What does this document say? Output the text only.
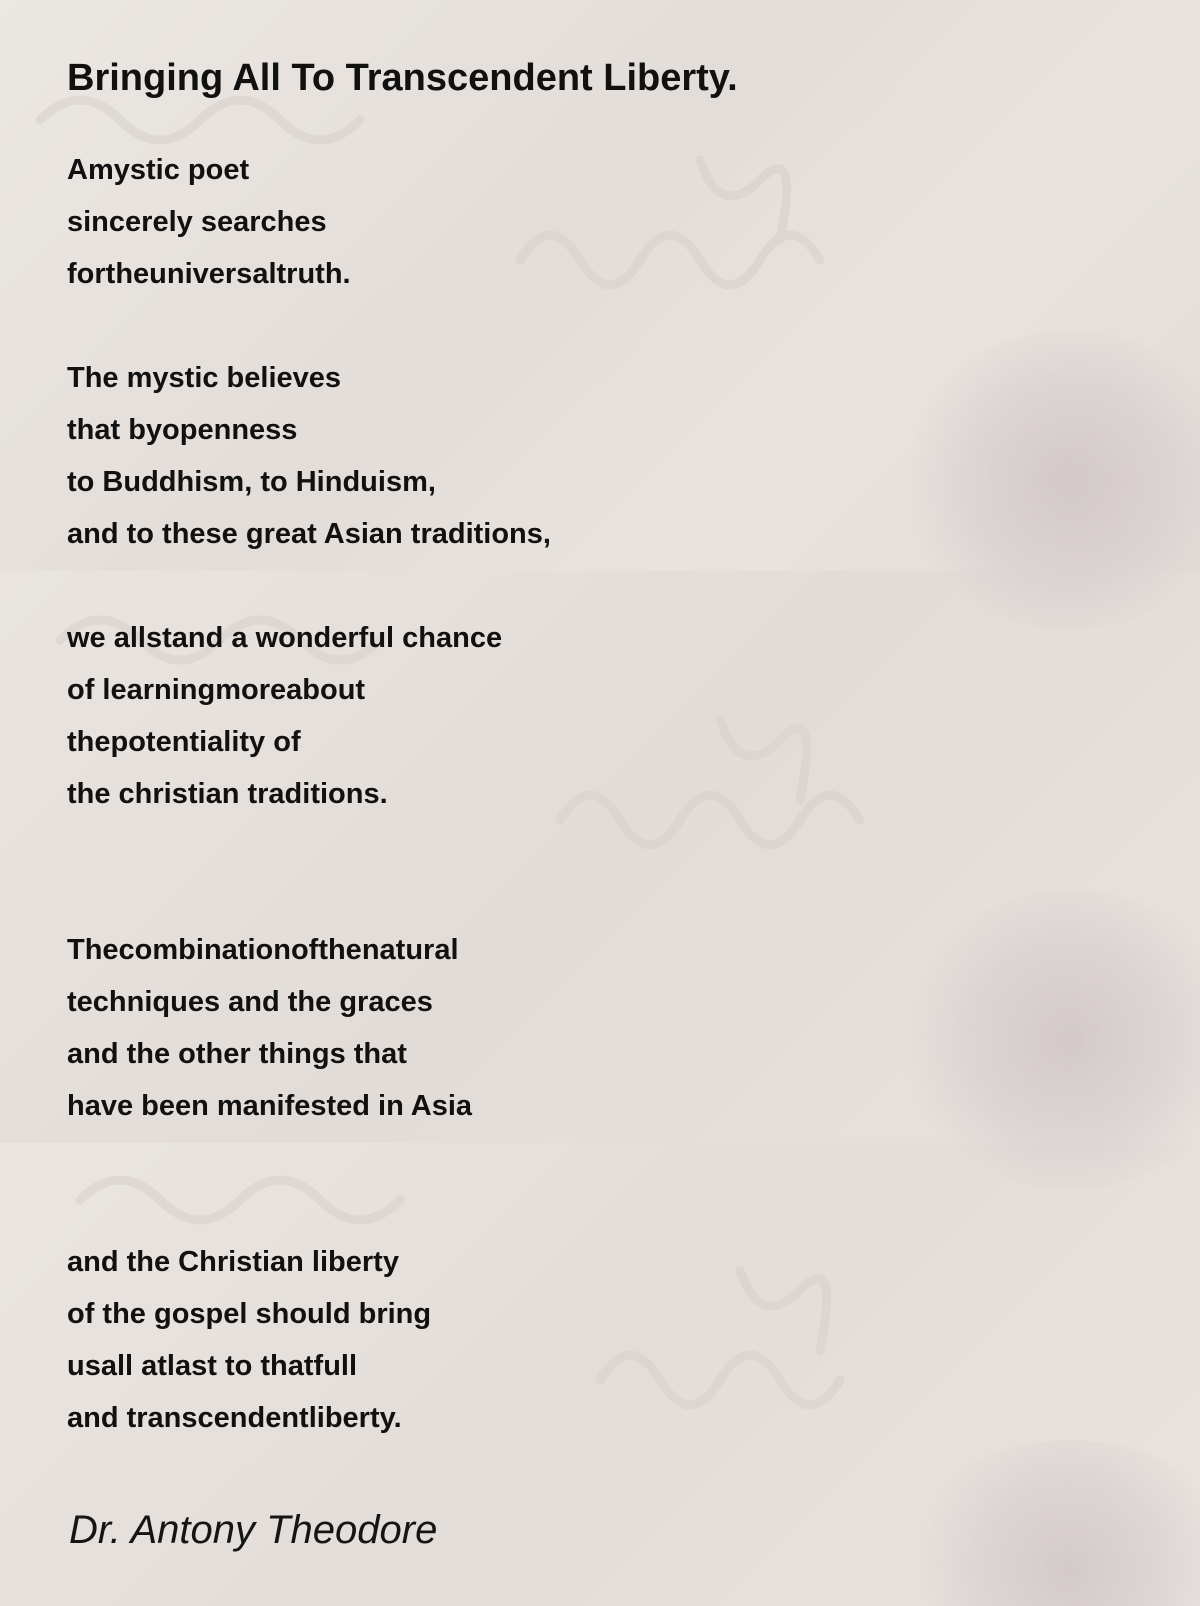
Bringing All To Transcendent Liberty.
Amystic poet
sincerely searches
fortheuniversaltruth.
The mystic believes
that byopenness
to Buddhism, to Hinduism,
and to these great Asian traditions,
we allstand a wonderful chance
of learningmoreabout
thepotentiality of
the christian traditions.
Thecombinationofthenatural
techniques and the graces
and the other things that
have been manifested in Asia
and the Christian liberty
of the gospel should bring
usall atlast to thatfull
and transcendentliberty.
Dr. Antony Theodore
